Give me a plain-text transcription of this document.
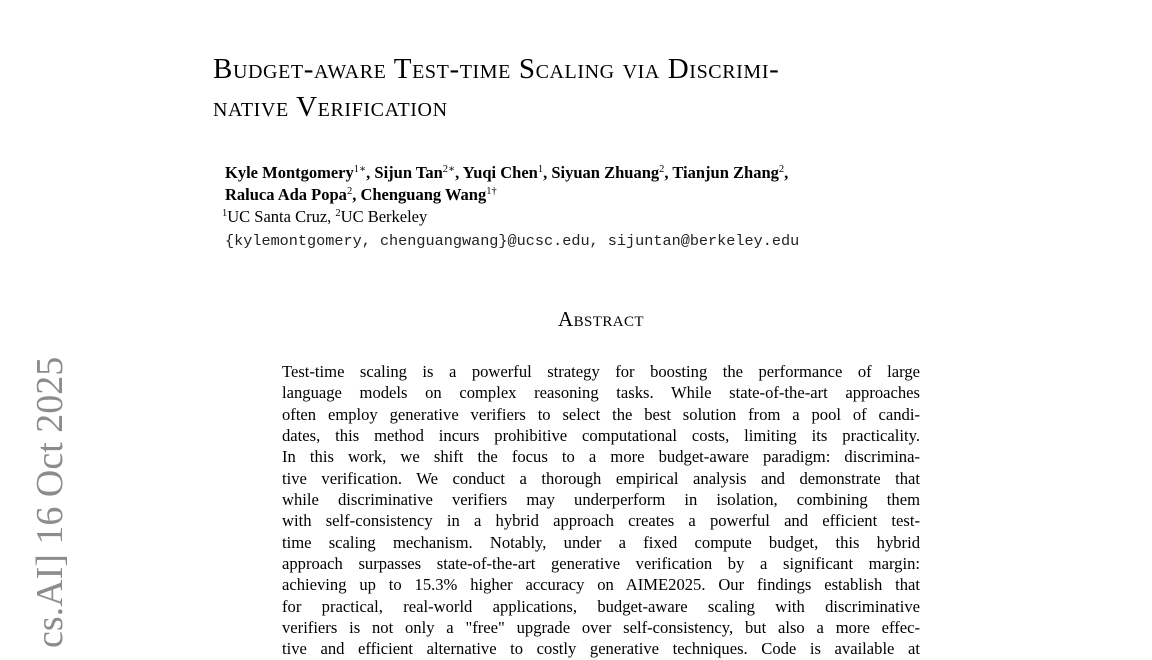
cs.AI] 16 Oct 2025
Budget-aware Test-time Scaling via Discrimi-
native Verification
Kyle Montgomery$^{1∗}$, Sijun Tan$^{2∗}$, Yuqi Chen$^1$, Siyuan Zhuang$^2$, Tianjun Zhang$^2$,
Raluca Ada Popa$^2$, Chenguang Wang$^{1\dagger}$
$^1$UC Santa Cruz, $^2$UC Berkeley
{kylemontgomery, chenguangwang}@ucsc.edu, sijuntan@berkeley.edu
Abstract
Test-time scaling is a powerful strategy for boosting the performance of large
language models on complex reasoning tasks. While state-of-the-art approaches
often employ generative verifiers to select the best solution from a pool of candi-
dates, this method incurs prohibitive computational costs, limiting its practicality.
In this work, we shift the focus to a more budget-aware paradigm: discrimina-
tive verification. We conduct a thorough empirical analysis and demonstrate that
while discriminative verifiers may underperform in isolation, combining them
with self-consistency in a hybrid approach creates a powerful and efficient test-
time scaling mechanism. Notably, under a fixed compute budget, this hybrid
approach surpasses state-of-the-art generative verification by a significant margin:
achieving up to 15.3% higher accuracy on AIME2025. Our findings establish that
for practical, real-world applications, budget-aware scaling with discriminative
verifiers is not only a "free" upgrade over self-consistency, but also a more effec-
tive and efficient alternative to costly generative techniques. Code is available at
